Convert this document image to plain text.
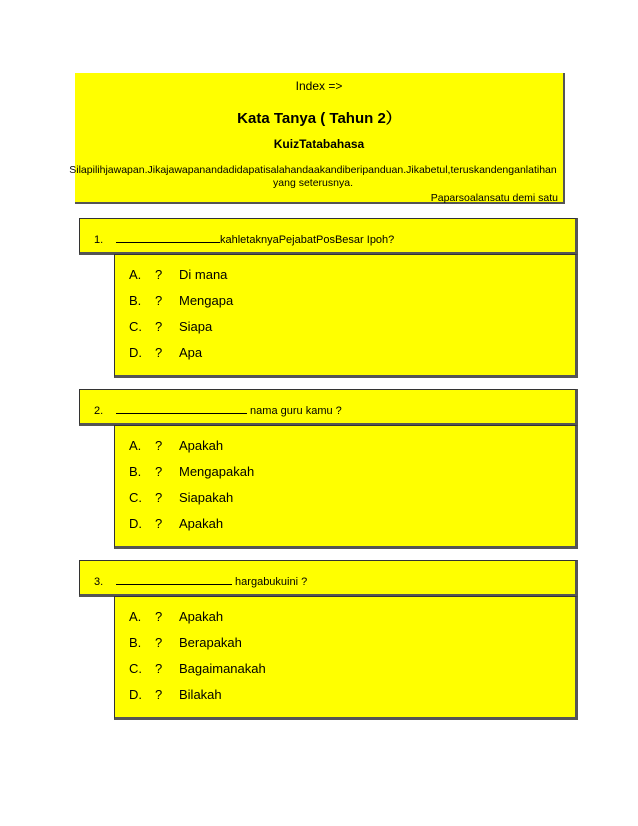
Index =>
Kata Tanya ( Tahun 2）
KuizTatabahasa
Silapilihjawapan.Jikajawapanandadidapatisalahandaakandiberipanduan.Jikabetul,teruskandenganlatihan
yang seterusnya.
Paparsoalansatu demi satu
1.	kahletaknyaPejabatPosBesar Ipoh?
A. ? Di mana
B. ? Mengapa
C. ? Siapa
D. ? Apa
2.	nama guru kamu ?
A. ? Apakah
B. ? Mengapakah
C. ? Siapakah
D. ? Apakah
3.	hargabukuini ?
A. ? Apakah
B. ? Berapakah
C. ? Bagaimanakah
D. ? Bilakah
